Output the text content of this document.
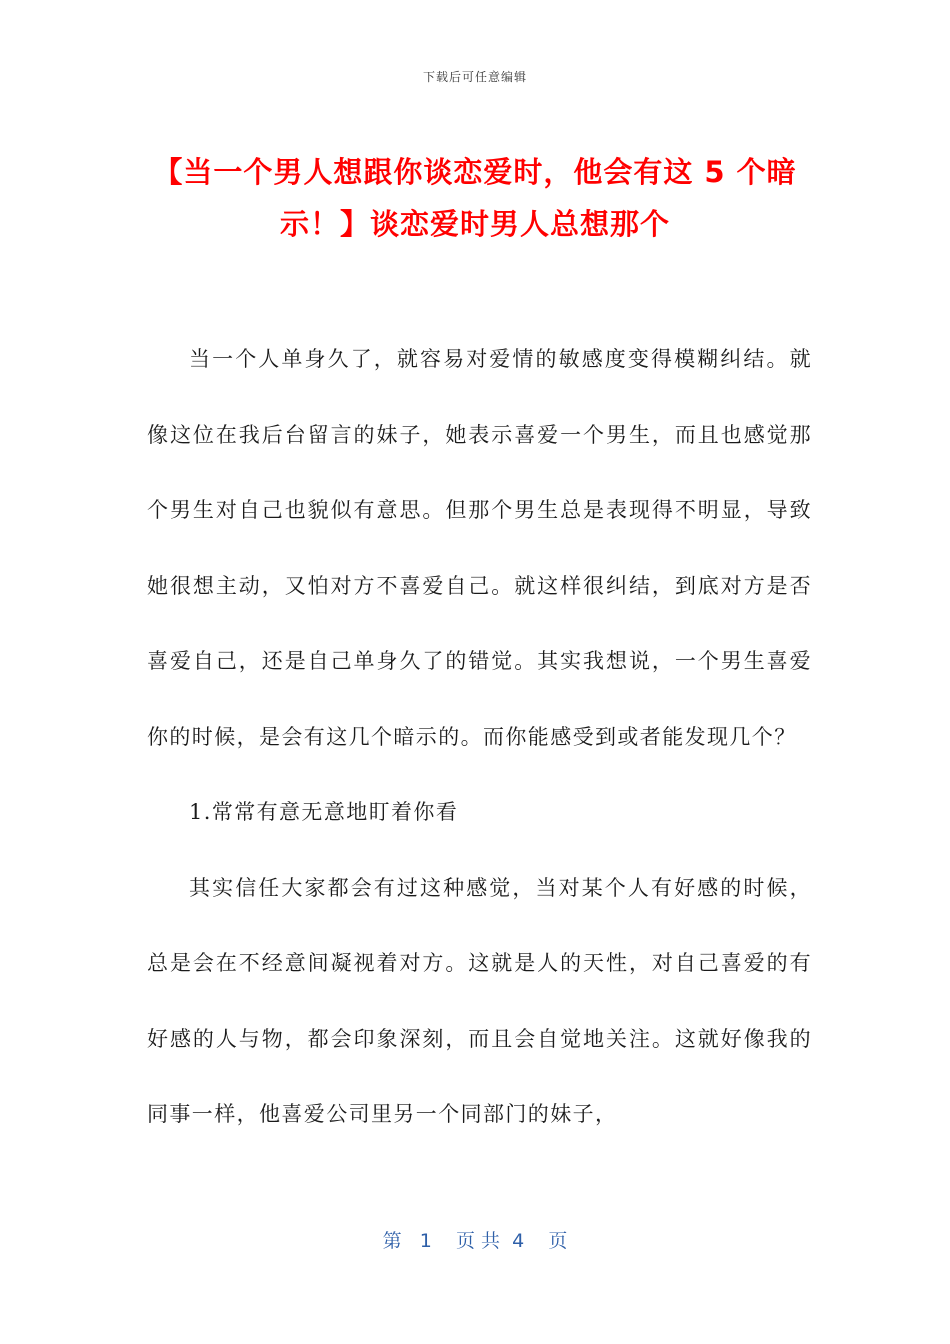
下载后可任意编辑
【当一个男人想跟你谈恋爱时，他会有这 5 个暗示！】谈恋爱时男人总想那个

当一个人单身久了，就容易对爱情的敏感度变得模糊纠结。就像这位在我后台留言的妹子，她表示喜爱一个男生，而且也感觉那个男生对自己也貌似有意思。但那个男生总是表现得不明显，导致她很想主动，又怕对方不喜爱自己。就这样很纠结，到底对方是否喜爱自己，还是自己单身久了的错觉。其实我想说，一个男生喜爱你的时候，是会有这几个暗示的。而你能感受到或者能发现几个？

1.常常有意无意地盯着你看

其实信任大家都会有过这种感觉，当对某个人有好感的时候，总是会在不经意间凝视着对方。这就是人的天性，对自己喜爱的有好感的人与物，都会印象深刻，而且会自觉地关注。这就好像我的同事一样，他喜爱公司里另一个同部门的妹子，

第   1    页 共  4    页
